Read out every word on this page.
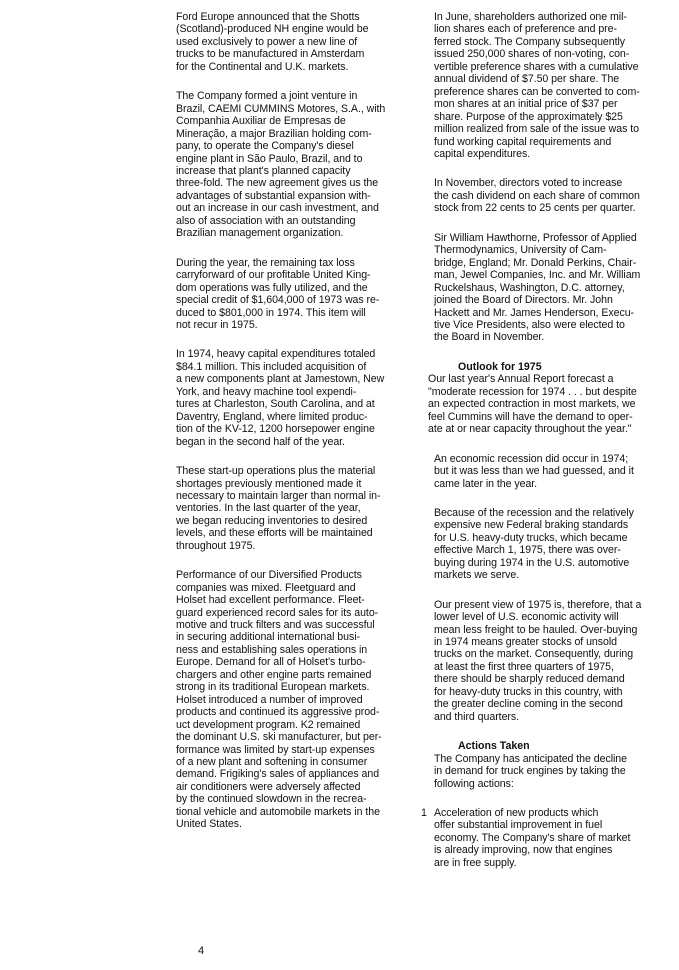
Ford Europe announced that the Shotts
(Scotland)-produced NH engine would be
used exclusively to power a new line of
trucks to be manufactured in Amsterdam
for the Continental and U.K. markets.

The Company formed a joint venture in
Brazil, CAEMI CUMMINS Motores, S.A., with
Companhia Auxiliar de Empresas de
Mineração, a major Brazilian holding com-
pany, to operate the Company's diesel
engine plant in São Paulo, Brazil, and to
increase that plant's planned capacity
three-fold. The new agreement gives us the
advantages of substantial expansion with-
out an increase in our cash investment, and
also of association with an outstanding
Brazilian management organization.

During the year, the remaining tax loss
carryforward of our profitable United King-
dom operations was fully utilized, and the
special credit of $1,604,000 of 1973 was re-
duced to $801,000 in 1974. This item will
not recur in 1975.

In 1974, heavy capital expenditures totaled
$84.1 million. This included acquisition of
a new components plant at Jamestown, New
York, and heavy machine tool expendi-
tures at Charleston, South Carolina, and at
Daventry, England, where limited produc-
tion of the KV-12, 1200 horsepower engine
began in the second half of the year.

These start-up operations plus the material
shortages previously mentioned made it
necessary to maintain larger than normal in-
ventories. In the last quarter of the year,
we began reducing inventories to desired
levels, and these efforts will be maintained
throughout 1975.

Performance of our Diversified Products
companies was mixed. Fleetguard and
Holset had excellent performance. Fleet-
guard experienced record sales for its auto-
motive and truck filters and was successful
in securing additional international busi-
ness and establishing sales operations in
Europe. Demand for all of Holset's turbo-
chargers and other engine parts remained
strong in its traditional European markets.
Holset introduced a number of improved
products and continued its aggressive prod-
uct development program. K2 remained
the dominant U.S. ski manufacturer, but per-
formance was limited by start-up expenses
of a new plant and softening in consumer
demand. Frigiking's sales of appliances and
air conditioners were adversely affected
by the continued slowdown in the recrea-
tional vehicle and automobile markets in the
United States.

In June, shareholders authorized one mil-
lion shares each of preference and pre-
ferred stock. The Company subsequently
issued 250,000 shares of non-voting, con-
vertible preference shares with a cumulative
annual dividend of $7.50 per share. The
preference shares can be converted to com-
mon shares at an initial price of $37 per
share. Purpose of the approximately $25
million realized from sale of the issue was to
fund working capital requirements and
capital expenditures.

In November, directors voted to increase
the cash dividend on each share of common
stock from 22 cents to 25 cents per quarter.

Sir William Hawthorne, Professor of Applied
Thermodynamics, University of Cam-
bridge, England; Mr. Donald Perkins, Chair-
man, Jewel Companies, Inc. and Mr. William
Ruckelshaus, Washington, D.C. attorney,
joined the Board of Directors. Mr. John
Hackett and Mr. James Henderson, Execu-
tive Vice Presidents, also were elected to
the Board in November.

Outlook for 1975

Our last year's Annual Report forecast a
"moderate recession for 1974 . . . but despite
an expected contraction in most markets, we
feel Cummins will have the demand to oper-
ate at or near capacity throughout the year."

An economic recession did occur in 1974;
but it was less than we had guessed, and it
came later in the year.

Because of the recession and the relatively
expensive new Federal braking standards
for U.S. heavy-duty trucks, which became
effective March 1, 1975, there was over-
buying during 1974 in the U.S. automotive
markets we serve.

Our present view of 1975 is, therefore, that a
lower level of U.S. economic activity will
mean less freight to be hauled. Over-buying
in 1974 means greater stocks of unsold
trucks on the market. Consequently, during
at least the first three quarters of 1975,
there should be sharply reduced demand
for heavy-duty trucks in this country, with
the greater decline coming in the second
and third quarters.

Actions Taken

The Company has anticipated the decline
in demand for truck engines by taking the
following actions:

1 Acceleration of new products which
offer substantial improvement in fuel
economy. The Company's share of market
is already improving, now that engines
are in free supply.

4
